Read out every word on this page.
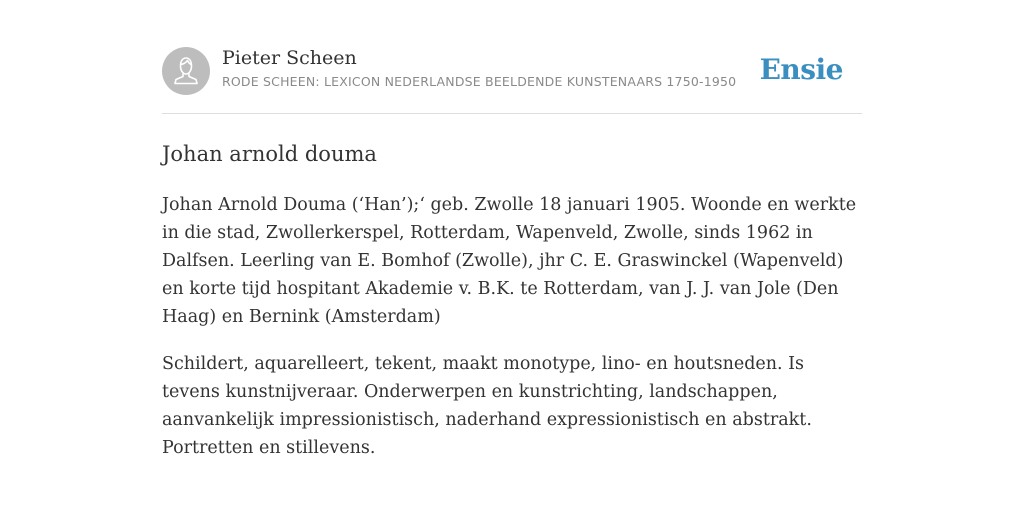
Pieter Scheen
RODE SCHEEN: LEXICON NEDERLANDSE BEELDENDE KUNSTENAARS 1750-1950 Ensie
Johan arnold douma

Johan Arnold Douma (‘Han’);‘ geb. Zwolle 18 januari 1905. Woonde en werkte in die stad, Zwollerkerspel, Rotterdam, Wapenveld, Zwolle, sinds 1962 in Dalfsen. Leerling van E. Bomhof (Zwolle), jhr C. E. Graswinckel (Wapenveld) en korte tijd hospitant Akademie v. B.K. te Rotterdam, van J. J. van Jole (Den Haag) en Bernink (Amsterdam)

Schildert, aquarelleert, tekent, maakt monotype, lino- en houtsneden. Is tevens kunstnijveraar. Onderwerpen en kunstrichting, landschappen, aanvankelijk impressionistisch, naderhand expressionistisch en abstrakt. Portretten en stillevens.
